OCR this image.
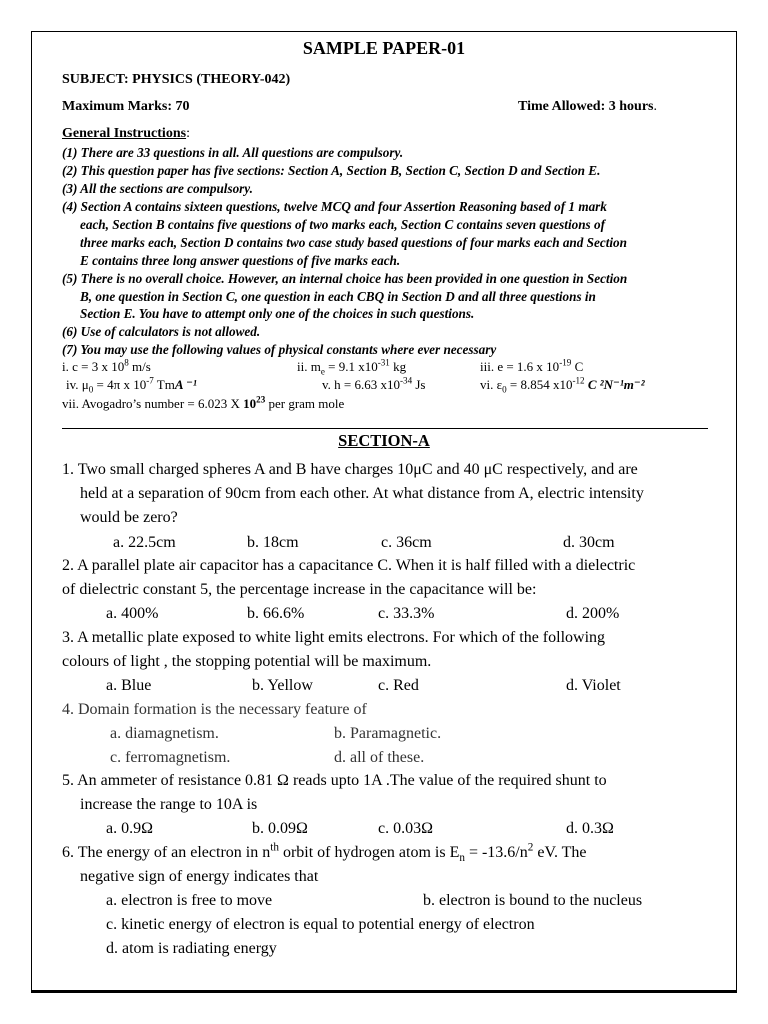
SAMPLE PAPER-01
SUBJECT: PHYSICS (THEORY-042)
Maximum Marks: 70	Time Allowed: 3 hours.
General Instructions:
(1) There are 33 questions in all. All questions are compulsory.
(2) This question paper has five sections: Section A, Section B, Section C, Section D and Section E.
(3) All the sections are compulsory.
(4) Section A contains sixteen questions, twelve MCQ and four Assertion Reasoning based of 1 mark
each, Section B contains five questions of two marks each, Section C contains seven questions of
three marks each, Section D contains two case study based questions of four marks each and Section
E contains three long answer questions of five marks each.
(5) There is no overall choice. However, an internal choice has been provided in one question in Section
B, one question in Section C, one question in each CBQ in Section D and all three questions in
Section E. You have to attempt only one of the choices in such questions.
(6) Use of calculators is not allowed.
(7) You may use the following values of physical constants where ever necessary
i. c = 3 x $10^8$ m/s	ii. $m_e = 9.1$ $x10^{-31}$ kg	iii. e = 1.6 x $10^{-19}$ C
iv. $\mu_0 = 4\pi$ x $10^{-7}$ TmA ⁻¹	v. h = 6.63 $x10^{-34}$ Js	vi. $\varepsilon_0 = 8.854$ $x10^{-12}$ C ²N⁻¹m⁻²
vii. Avogadro’s number = 6.023 X $10^{23}$ per gram mole
SECTION-A
1. Two small charged spheres A and B have charges 10μC and 40 μC respectively, and are
held at a separation of 90cm from each other. At what distance from A, electric intensity
would be zero?
a. 22.5cm	b. 18cm	c. 36cm	d. 30cm
2. A parallel plate air capacitor has a capacitance C. When it is half filled with a dielectric
of dielectric constant 5, the percentage increase in the capacitance will be:
a. 400%	b. 66.6%	c. 33.3%	d. 200%
3. A metallic plate exposed to white light emits electrons. For which of the following
colours of light , the stopping potential will be maximum.
a. Blue	b. Yellow	c. Red	d. Violet
4. Domain formation is the necessary feature of
a. diamagnetism.	b. Paramagnetic.
c. ferromagnetism.	d. all of these.
5. An ammeter of resistance 0.81 Ω reads upto 1A .The value of the required shunt to
increase the range to 10A is
a. 0.9Ω	b. 0.09Ω	c. 0.03Ω	d. 0.3Ω
6. The energy of an electron in $n^{th}$ orbit of hydrogen atom is $E_n = -13.6/n^2$ eV. The
negative sign of energy indicates that
a. electron is free to move	b. electron is bound to the nucleus
c. kinetic energy of electron is equal to potential energy of electron
d. atom is radiating energy
